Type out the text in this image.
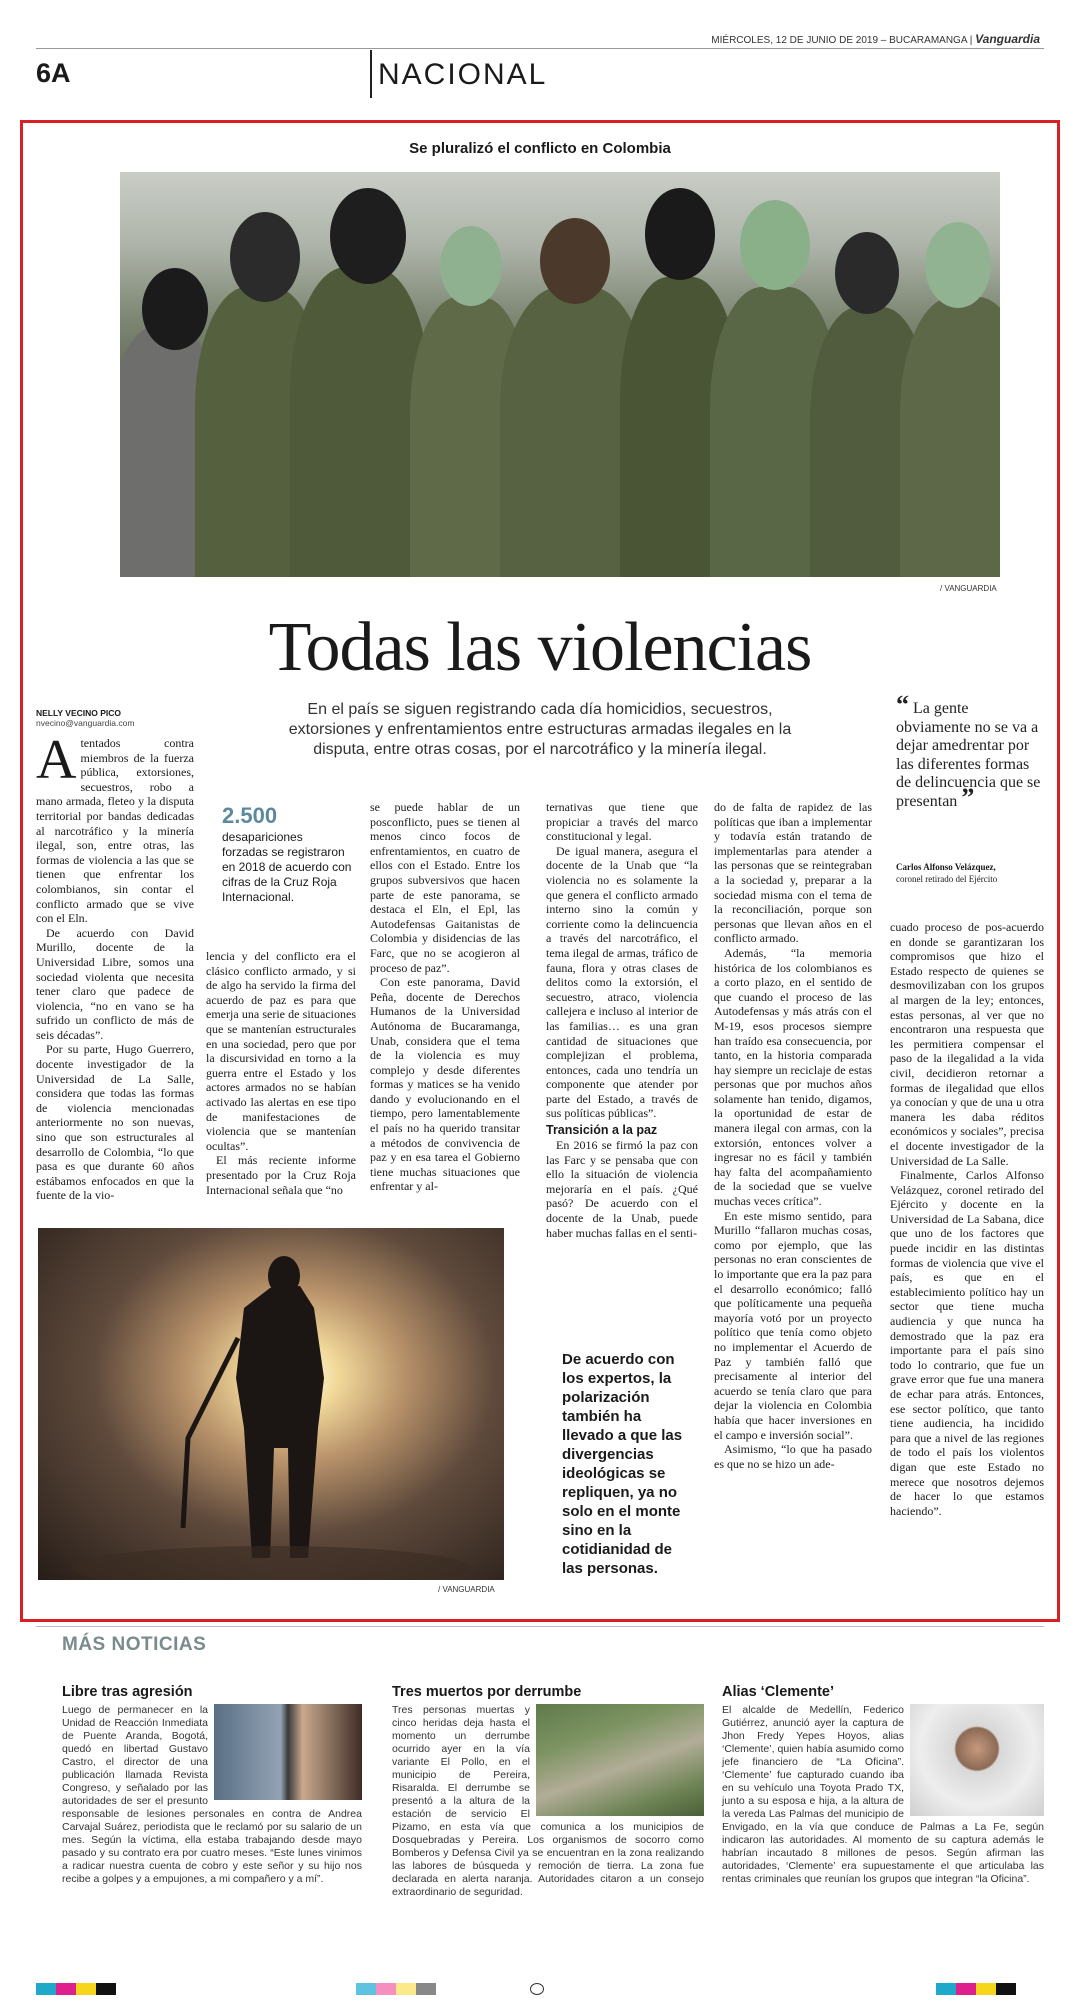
6A	NACIONAL
MIÉRCOLES, 12 DE JUNIO DE 2019 – BUCARAMANGA | Vanguardia
Se pluralizó el conflicto en Colombia
/ VANGUARDIA
Todas las violencias
En el país se siguen registrando cada día homicidios, secuestros, extorsiones y enfrentamientos entre estructuras armadas ilegales en la disputa, entre otras cosas, por el narcotráfico y la minería ilegal.
NELLY VECINO PICO
nvecino@vanguardia.com

Atentados contra miembros de la fuerza pública, extorsiones, secuestros, robo a mano armada, fleteo y la disputa territorial por bandas dedicadas al narcotráfico y la minería ilegal, son, entre otras, las formas de violencia a las que se tienen que enfrentar los colombianos, sin contar el conflicto armado que se vive con el Eln.

De acuerdo con David Murillo, docente de la Universidad Libre, somos una sociedad violenta que necesita tener claro que padece de violencia, “no en vano se ha sufrido un conflicto de más de seis décadas”.

Por su parte, Hugo Guerrero, docente investigador de la Universidad de La Salle, considera que todas las formas de violencia mencionadas anteriormente no son nuevas, sino que son estructurales al desarrollo de Colombia, “lo que pasa es que durante 60 años estábamos enfocados en que la fuente de la vio-

2.500
desapariciones forzadas se registraron en 2018 de acuerdo con cifras de la Cruz Roja Internacional.

lencia y del conflicto era el clásico conflicto armado, y si de algo ha servido la firma del acuerdo de paz es para que emerja una serie de situaciones que se mantenían estructurales en una sociedad, pero que por la discursividad en torno a la guerra entre el Estado y los actores armados no se habían activado las alertas en ese tipo de manifestaciones de violencia que se mantenían ocultas”.

El más reciente informe presentado por la Cruz Roja Internacional señala que “no

se puede hablar de un posconflicto, pues se tienen al menos cinco focos de enfrentamientos, en cuatro de ellos con el Estado. Entre los grupos subversivos que hacen parte de este panorama, se destaca el Eln, el Epl, las Autodefensas Gaitanistas de Colombia y disidencias de las Farc, que no se acogieron al proceso de paz”.

Con este panorama, David Peña, docente de Derechos Humanos de la Universidad Autónoma de Bucaramanga, Unab, considera que el tema de la violencia es muy complejo y desde diferentes formas y matices se ha venido dando y evolucionando en el tiempo, pero lamentablemente el país no ha querido transitar a métodos de convivencia de paz y en esa tarea el Gobierno tiene muchas situaciones que enfrentar y al-

ternativas que tiene que propiciar a través del marco constitucional y legal.

De igual manera, asegura el docente de la Unab que “la violencia no es solamente la que genera el conflicto armado interno sino la común y corriente como la delincuencia a través del narcotráfico, el tema ilegal de armas, tráfico de fauna, flora y otras clases de delitos como la extorsión, el secuestro, atraco, violencia callejera e incluso al interior de las familias… es una gran cantidad de situaciones que complejizan el problema, entonces, cada uno tendría un componente que atender por parte del Estado, a través de sus políticas públicas”.

Transición a la paz

En 2016 se firmó la paz con las Farc y se pensaba que con ello la situación de violencia mejoraría en el país. ¿Qué pasó? De acuerdo con el docente de la Unab, puede haber muchas fallas en el senti-

do de falta de rapidez de las políticas que iban a implementar y todavía están tratando de implementarlas para atender a las personas que se reintegraban a la sociedad y, preparar a la sociedad misma con el tema de la reconciliación, porque son personas que llevan años en el conflicto armado.

Además, “la memoria histórica de los colombianos es a corto plazo, en el sentido de que cuando el proceso de las Autodefensas y más atrás con el M-19, esos procesos siempre han traído esa consecuencia, por tanto, en la historia comparada hay siempre un reciclaje de estas personas que por muchos años solamente han tenido, digamos, la oportunidad de estar de manera ilegal con armas, con la extorsión, entonces volver a ingresar no es fácil y también hay falta del acompañamiento de la sociedad que se vuelve muchas veces crítica”.

En este mismo sentido, para Murillo “fallaron muchas cosas, como por ejemplo, que las personas no eran conscientes de lo importante que era la paz para el desarrollo económico; falló que políticamente una pequeña mayoría votó por un proyecto político que tenía como objeto no implementar el Acuerdo de Paz y también falló que precisamente al interior del acuerdo se tenía claro que para dejar la violencia en Colombia había que hacer inversiones en el campo e inversión social”.

Asimismo, “lo que ha pasado es que no se hizo un ade-

“ La gente obviamente no se va a dejar amedrentar por las diferentes formas de delincuencia que se presentan ”
Carlos Alfonso Velázquez,
coronel retirado del Ejército

cuado proceso de pos-acuerdo en donde se garantizaran los compromisos que hizo el Estado respecto de quienes se desmovilizaban con los grupos al margen de la ley; entonces, estas personas, al ver que no encontraron una respuesta que les permitiera compensar el paso de la ilegalidad a la vida civil, decidieron retornar a formas de ilegalidad que ellos ya conocían y que de una u otra manera les daba réditos económicos y sociales”, precisa el docente investigador de la Universidad de La Salle.

Finalmente, Carlos Alfonso Velázquez, coronel retirado del Ejército y docente en la Universidad de La Sabana, dice que uno de los factores que puede incidir en las distintas formas de violencia que vive el país, es que en el establecimiento político hay un sector que tiene mucha audiencia y que nunca ha demostrado que la paz era importante para el país sino todo lo contrario, que fue un grave error que fue una manera de echar para atrás. Entonces, ese sector político, que tanto tiene audiencia, ha incidido para que a nivel de las regiones de todo el país los violentos digan que este Estado no merece que nosotros dejemos de hacer lo que estamos haciendo”.

/ VANGUARDIA
De acuerdo con los expertos, la polarización también ha llevado a que las divergencias ideológicas se repliquen, ya no solo en el monte sino en la cotidianidad de las personas.
MÁS NOTICIAS
Libre tras agresión
Luego de permanecer en la Unidad de Reacción Inmediata de Puente Aranda, Bogotá, quedó en libertad Gustavo Castro, el director de una publicación llamada Revista Congreso, y señalado por las autoridades de ser el presunto responsable de lesiones personales en contra de Andrea Carvajal Suárez, periodista que le reclamó por su salario de un mes. Según la víctima, ella estaba trabajando desde mayo pasado y su contrato era por cuatro meses. “Este lunes vinimos a radicar nuestra cuenta de cobro y este señor y su hijo nos recibe a golpes y a empujones, a mi compañero y a mí”.
Tres muertos por derrumbe
Tres personas muertas y cinco heridas deja hasta el momento un derrumbe ocurrido ayer en la vía variante El Pollo, en el municipio de Pereira, Risaralda. El derrumbe se presentó a la altura de la estación de servicio El Pizamo, en esta vía que comunica a los municipios de Dosquebradas y Pereira. Los organismos de socorro como Bomberos y Defensa Civil ya se encuentran en la zona realizando las labores de búsqueda y remoción de tierra. La zona fue declarada en alerta naranja. Autoridades citaron a un consejo extraordinario de seguridad.
Alias ‘Clemente’
El alcalde de Medellín, Federico Gutiérrez, anunció ayer la captura de Jhon Fredy Yepes Hoyos, alias ‘Clemente’, quien había asumido como jefe financiero de “La Oficina”. ‘Clemente’ fue capturado cuando iba en su vehículo una Toyota Prado TX, junto a su esposa e hija, a la altura de la vereda Las Palmas del municipio de Envigado, en la vía que conduce de Palmas a La Fe, según indicaron las autoridades. Al momento de su captura además le habrían incautado 8 millones de pesos. Según afirman las autoridades, ‘Clemente’ era supuestamente el que articulaba las rentas criminales que reunían los grupos que integran “la Oficina”.
